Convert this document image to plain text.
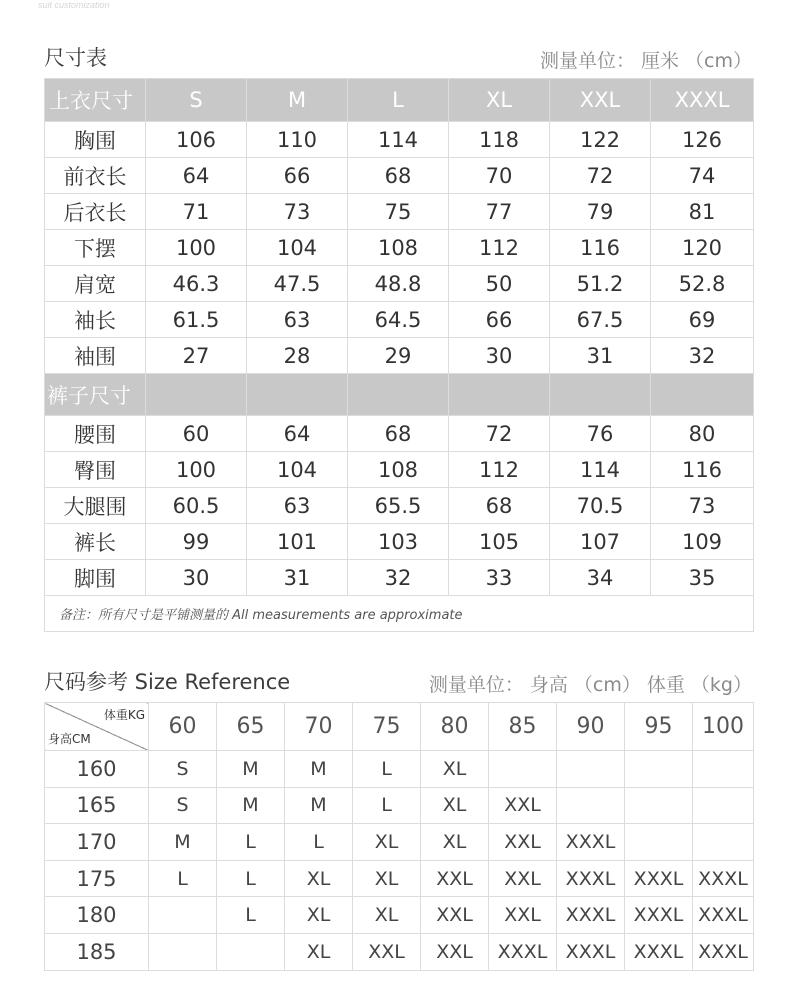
suit customization
尺寸表	测量单位： 厘米 （cm）
上衣尺寸	S	M	L	XL	XXL	XXXL
胸围	106	110	114	118	122	126
前衣长	64	66	68	70	72	74
后衣长	71	73	75	77	79	81
下摆	100	104	108	112	116	120
肩宽	46.3	47.5	48.8	50	51.2	52.8
袖长	61.5	63	64.5	66	67.5	69
袖围	27	28	29	30	31	32
裤子尺寸						
腰围	60	64	68	72	76	80
臀围	100	104	108	112	114	116
大腿围	60.5	63	65.5	68	70.5	73
裤长	99	101	103	105	107	109
脚围	30	31	32	33	34	35
备注：所有尺寸是平铺测量的 All measurements are approximate						
尺码参考 Size Reference	测量单位： 身高 （cm） 体重 （kg）
体重KG
身高CM	60	65	70	75	80	85	90	95	100
160	S	M	M	L	XL				
165	S	M	M	L	XL	XXL			
170	M	L	L	XL	XL	XXL	XXXL		
175	L	L	XL	XL	XXL	XXL	XXXL	XXXL	XXXL
180		L	XL	XL	XXL	XXL	XXXL	XXXL	XXXL
185			XL	XXL	XXL	XXXL	XXXL	XXXL	XXXL
